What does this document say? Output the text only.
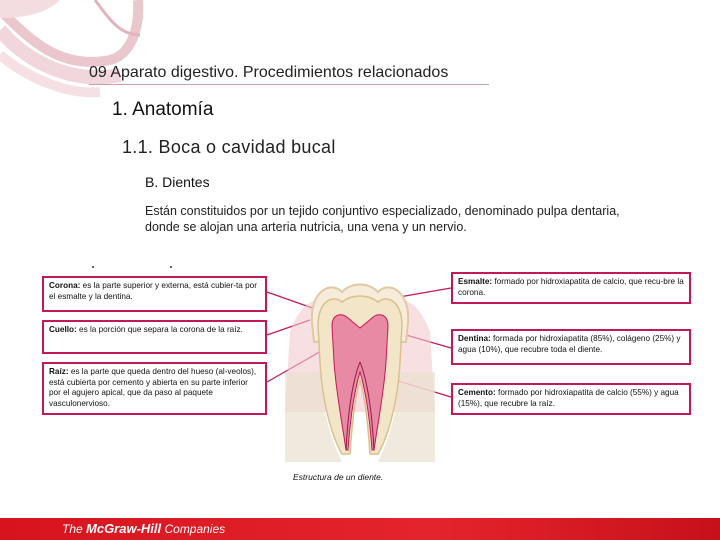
09 Aparato digestivo. Procedimientos relacionados
1. Anatomía
1.1. Boca o cavidad bucal
B. Dientes
Están constituidos por un tejido conjuntivo especializado, denominado pulpa dentaria, donde se alojan una arteria nutricia, una vena y un nervio.
Corona: es la parte superior y externa, está cubier-ta por el esmalte y la dentina.
Cuello: es la porción que separa la corona de la raíz.
Raíz: es la parte que queda dentro del hueso (al-veolos), está cubierta por cemento y abierta en su parte inferior por el agujero apical, que da paso al paquete vasculonervioso.
Esmalte: formado por hidroxiapatita de calcio, que recu-bre la corona.
Dentina: formada por hidroxiapatita (85%), colágeno (25%) y agua (10%), que recubre toda el diente.
Cemento: formado por hidroxiapatita de calcio (55%) y agua (15%), que recubre la raíz.
Estructura de un diente.
The McGraw-Hill Companies
